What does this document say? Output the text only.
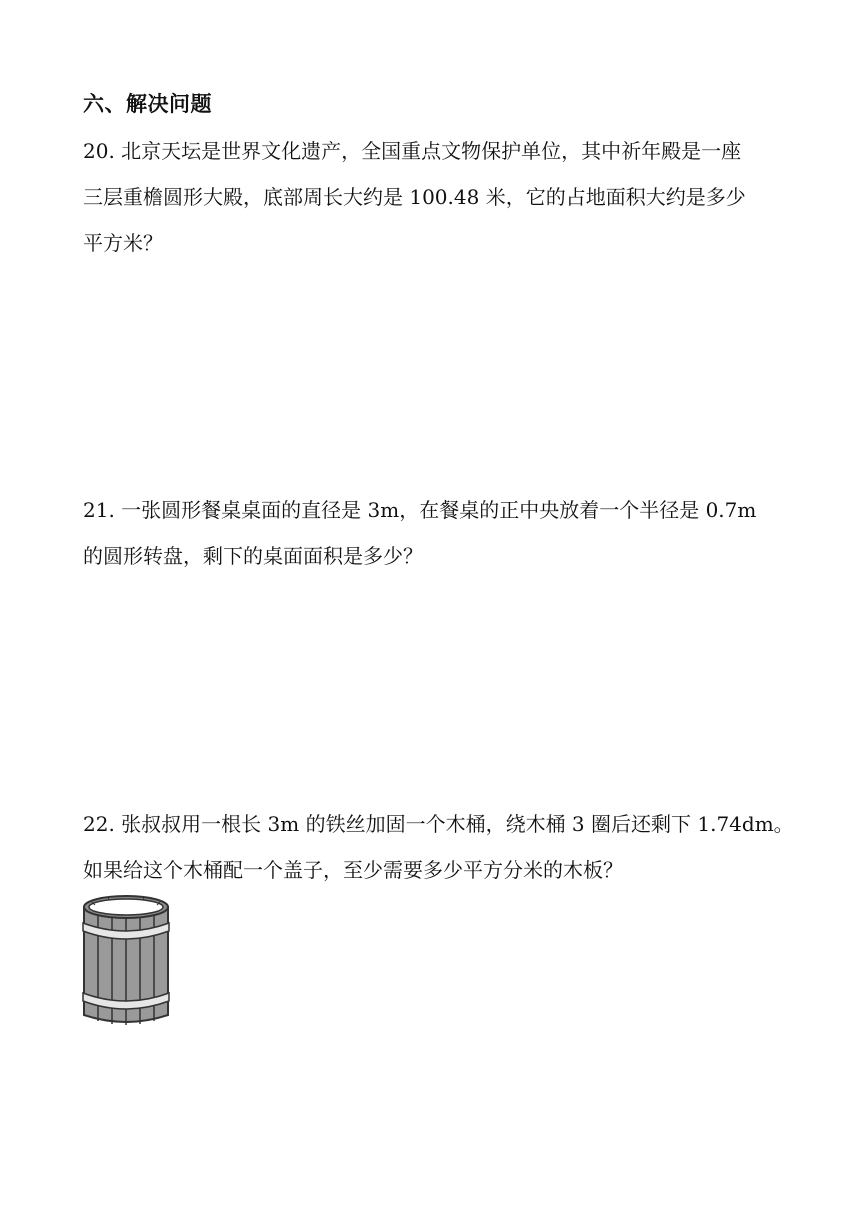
六、解决问题
20. 北京天坛是世界文化遗产，全国重点文物保护单位，其中祈年殿是一座
三层重檐圆形大殿，底部周长大约是 100.48 米，它的占地面积大约是多少
平方米？
21. 一张圆形餐桌桌面的直径是 3m，在餐桌的正中央放着一个半径是 0.7m
的圆形转盘，剩下的桌面面积是多少？
22. 张叔叔用一根长 3m 的铁丝加固一个木桶，绕木桶 3 圈后还剩下 1.74dm。
如果给这个木桶配一个盖子，至少需要多少平方分米的木板？
